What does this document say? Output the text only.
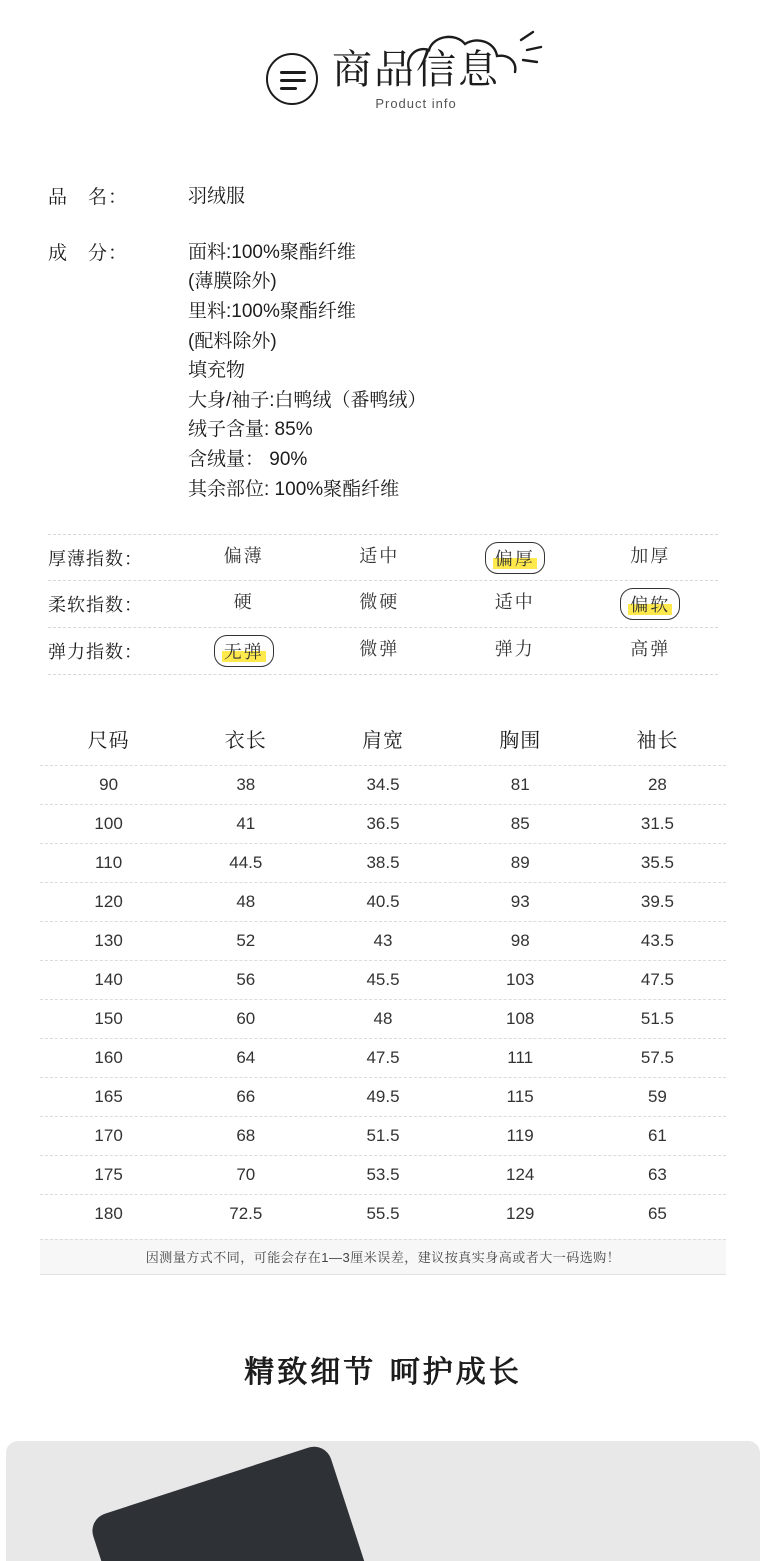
商品信息
Product info
品　名：	羽绒服
成　分：	面料:100%聚酯纤维
(薄膜除外)
里料:100%聚酯纤维
(配料除外)
填充物
大身/袖子:白鸭绒（番鸭绒）
绒子含量: 85%
含绒量： 90%
其余部位: 100%聚酯纤维
厚薄指数：	偏薄	适中	偏厚	加厚
柔软指数：	硬	微硬	适中	偏软
弹力指数：	无弹	微弹	弹力	高弹
尺码	衣长	肩宽	胸围	袖长
90	38	34.5	81	28
100	41	36.5	85	31.5
110	44.5	38.5	89	35.5
120	48	40.5	93	39.5
130	52	43	98	43.5
140	56	45.5	103	47.5
150	60	48	108	51.5
160	64	47.5	111	57.5
165	66	49.5	115	59
170	68	51.5	119	61
175	70	53.5	124	63
180	72.5	55.5	129	65
因测量方式不同，可能会存在1—3厘米误差，建议按真实身高或者大一码选购！
精致细节 呵护成长
